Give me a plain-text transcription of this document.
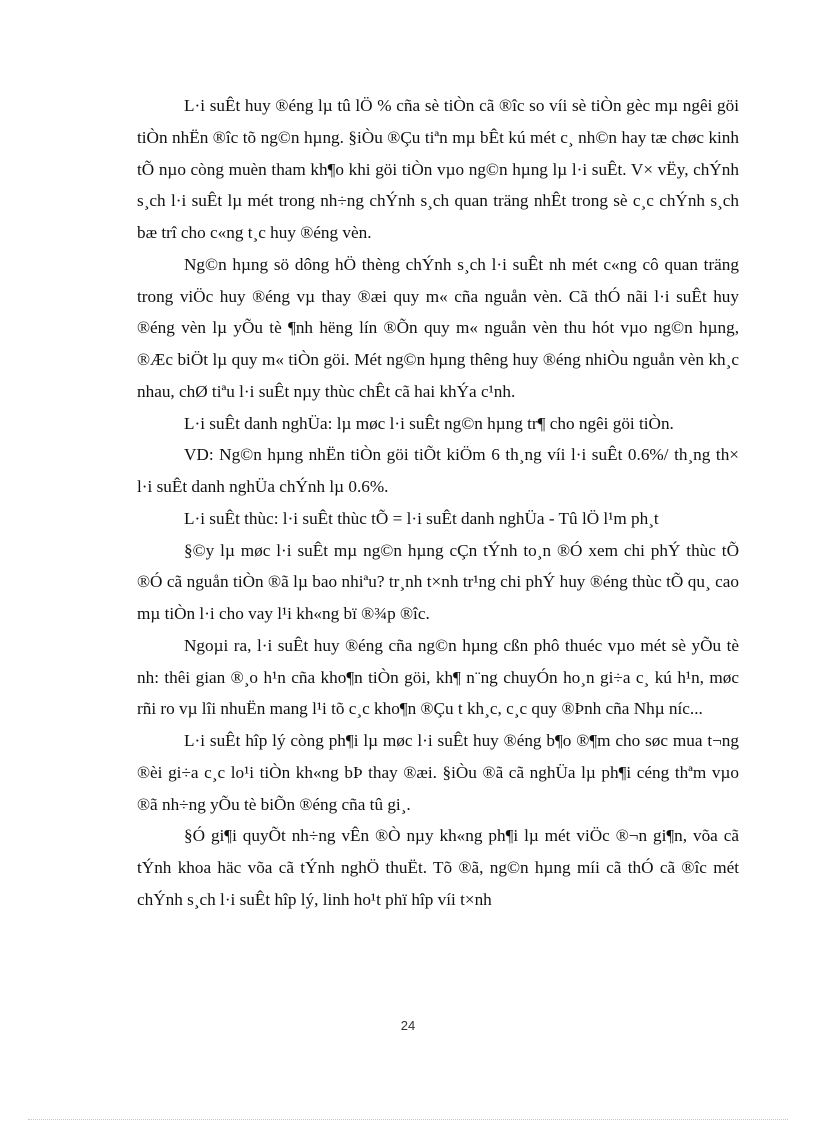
L·i suÊt huy ®éng lµ tû lÖ % cña sè tiÒn cã ®îc so víi sè tiÒn gèc mµ ngêi göi tiÒn nhËn ®îc tõ ng©n hµng. §iÒu ®Çu tiªn mµ bÊt kú mét c¸ nh©n hay tæ chøc kinh tÕ nµo còng muèn tham kh¶o khi göi tiÒn vµo ng©n hµng lµ l·i suÊt. V× vËy, chÝnh s¸ch l·i suÊt lµ mét trong nh÷ng chÝnh s¸ch quan träng nhÊt trong sè c¸c chÝnh s¸ch bæ trî cho c«ng t¸c huy ®éng vèn.

Ng©n hµng sö dông hÖ thèng chÝnh s¸ch l·i suÊt nh mét c«ng cô quan träng trong viÖc huy ®éng vµ thay ®æi quy m« cña nguån vèn. Cã thÓ nãi l·i suÊt huy ®éng vèn lµ yÕu tè ¶nh hëng lín ®Õn quy m« nguån vèn thu hót vµo ng©n hµng, ®Æc biÖt lµ quy m« tiÒn göi. Mét ng©n hµng thêng huy ®éng nhiÒu nguån vèn kh¸c nhau, chØ tiªu l·i suÊt nµy thùc chÊt cã hai khÝa c¹nh.

L·i suÊt danh nghÜa: lµ møc l·i suÊt ng©n hµng tr¶ cho ngêi göi tiÒn.

VD: Ng©n hµng nhËn tiÒn göi tiÕt kiÖm 6 th¸ng víi l·i suÊt 0.6%/ th¸ng th× l·i suÊt danh nghÜa chÝnh lµ 0.6%.

L·i suÊt thùc: l·i suÊt thùc tÕ = l·i suÊt danh nghÜa - Tû lÖ l¹m ph¸t

§©y lµ møc l·i suÊt mµ ng©n hµng cÇn tÝnh to¸n ®Ó xem chi phÝ thùc tÕ ®Ó cã nguån tiÒn ®ã lµ bao nhiªu? tr¸nh t×nh tr¹ng chi phÝ huy ®éng thùc tÕ qu¸ cao mµ tiÒn l·i cho vay l¹i kh«ng bï ®¾p ®îc.

Ngoµi ra, l·i suÊt huy ®éng cña ng©n hµng cßn phô thuéc vµo mét sè yÕu tè nh: thêi gian ®¸o h¹n cña kho¶n tiÒn göi, kh¶ n¨ng chuyÓn ho¸n gi÷a c¸ kú h¹n, møc rñi ro vµ lîi nhuËn mang l¹i tõ c¸c kho¶n ®Çu t kh¸c, c¸c quy ®Þnh cña Nhµ níc...

L·i suÊt hîp lý còng ph¶i lµ møc l·i suÊt huy ®éng b¶o ®¶m cho søc mua t¬ng ®èi gi÷a c¸c lo¹i tiÒn kh«ng bÞ thay ®æi. §iÒu ®ã cã nghÜa lµ ph¶i céng thªm vµo ®ã nh÷ng yÕu tè biÕn ®éng cña tû gi¸.

§Ó gi¶i quyÕt nh÷ng vÊn ®Ò nµy kh«ng ph¶i lµ mét viÖc ®¬n gi¶n, võa cã tÝnh khoa häc võa cã tÝnh nghÖ thuËt. Tõ ®ã, ng©n hµng míi cã thÓ cã ®îc mét chÝnh s¸ch l·i suÊt hîp lý, linh ho¹t phï hîp víi t×nh

24
